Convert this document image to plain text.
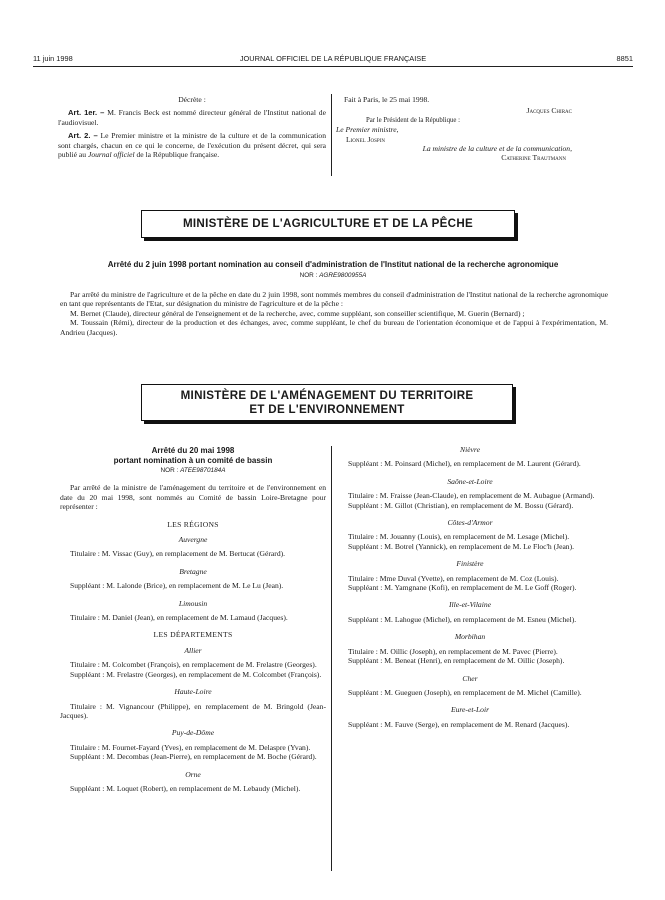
11 juin 1998	JOURNAL OFFICIEL DE LA RÉPUBLIQUE FRANÇAISE	8851

Décrète :

Art. 1er. – M. Francis Beck est nommé directeur général de l'Institut national de l'audiovisuel.

Art. 2. – Le Premier ministre et la ministre de la culture et de la communication sont chargés, chacun en ce qui le concerne, de l'exécution du présent décret, qui sera publié au Journal officiel de la République française.

Fait à Paris, le 25 mai 1998.

Jacques Chirac

Par le Président de la République :

Le Premier ministre,

Lionel Jospin

La ministre de la culture et de la communication,

Catherine Trautmann

MINISTÈRE DE L'AGRICULTURE ET DE LA PÊCHE
Arrêté du 2 juin 1998 portant nomination au conseil d'administration de l'Institut national de la recherche agronomique
NOR : AGRE9800955A

Par arrêté du ministre de l'agriculture et de la pêche en date du 2 juin 1998, sont nommés membres du conseil d'administration de l'Institut national de la recherche agronomique en tant que représentants de l'Etat, sur désignation du ministre de l'agriculture et de la pêche :

M. Bernet (Claude), directeur général de l'enseignement et de la recherche, avec, comme suppléant, son conseiller scientifique, M. Guerin (Bernard) ;

M. Toussain (Rémi), directeur de la production et des échanges, avec, comme suppléant, le chef du bureau de l'orientation économique et de l'appui à l'expérimentation, M. Andrieu (Jacques).

MINISTÈRE DE L'AMÉNAGEMENT DU TERRITOIRE
ET DE L'ENVIRONNEMENT
Arrêté du 20 mai 1998
portant nomination à un comité de bassin
NOR : ATEE9870184A

Par arrêté de la ministre de l'aménagement du territoire et de l'environnement en date du 20 mai 1998, sont nommés au Comité de bassin Loire-Bretagne pour représenter :

LES RÉGIONS

Auvergne

Titulaire : M. Vissac (Guy), en remplacement de M. Bertucat (Gérard).

Bretagne

Suppléant : M. Lalonde (Brice), en remplacement de M. Le Lu (Jean).

Limousin

Titulaire : M. Daniel (Jean), en remplacement de M. Lamaud (Jacques).

LES DÉPARTEMENTS

Allier

Titulaire : M. Colcombet (François), en remplacement de M. Frelastre (Georges).
Suppléant : M. Frelastre (Georges), en remplacement de M. Colcombet (François).

Haute-Loire

Titulaire : M. Vignancour (Philippe), en remplacement de M. Bringold (Jean-Jacques).

Puy-de-Dôme

Titulaire : M. Fournet-Fayard (Yves), en remplacement de M. Delaspre (Yvan).
Suppléant : M. Decombas (Jean-Pierre), en remplacement de M. Boche (Gérard).

Orne

Suppléant : M. Loquet (Robert), en remplacement de M. Lebaudy (Michel).

Nièvre

Suppléant : M. Poinsard (Michel), en remplacement de M. Laurent (Gérard).

Saône-et-Loire

Titulaire : M. Fraisse (Jean-Claude), en remplacement de M. Aubague (Armand).
Suppléant : M. Gillot (Christian), en remplacement de M. Bossu (Gérard).

Côtes-d'Armor

Titulaire : M. Jouanny (Louis), en remplacement de M. Lesage (Michel).
Suppléant : M. Botrel (Yannick), en remplacement de M. Le Floc'h (Jean).

Finistère

Titulaire : Mme Duval (Yvette), en remplacement de M. Coz (Louis).
Suppléant : M. Yamgnane (Kofi), en remplacement de M. Le Goff (Roger).

Ille-et-Vilaine

Suppléant : M. Lahogue (Michel), en remplacement de M. Esneu (Michel).

Morbihan

Titulaire : M. Oillic (Joseph), en remplacement de M. Pavec (Pierre).
Suppléant : M. Beneat (Henri), en remplacement de M. Oillic (Joseph).

Cher

Suppléant : M. Gueguen (Joseph), en remplacement de M. Michel (Camille).

Eure-et-Loir

Suppléant : M. Fauve (Serge), en remplacement de M. Renard (Jacques).
